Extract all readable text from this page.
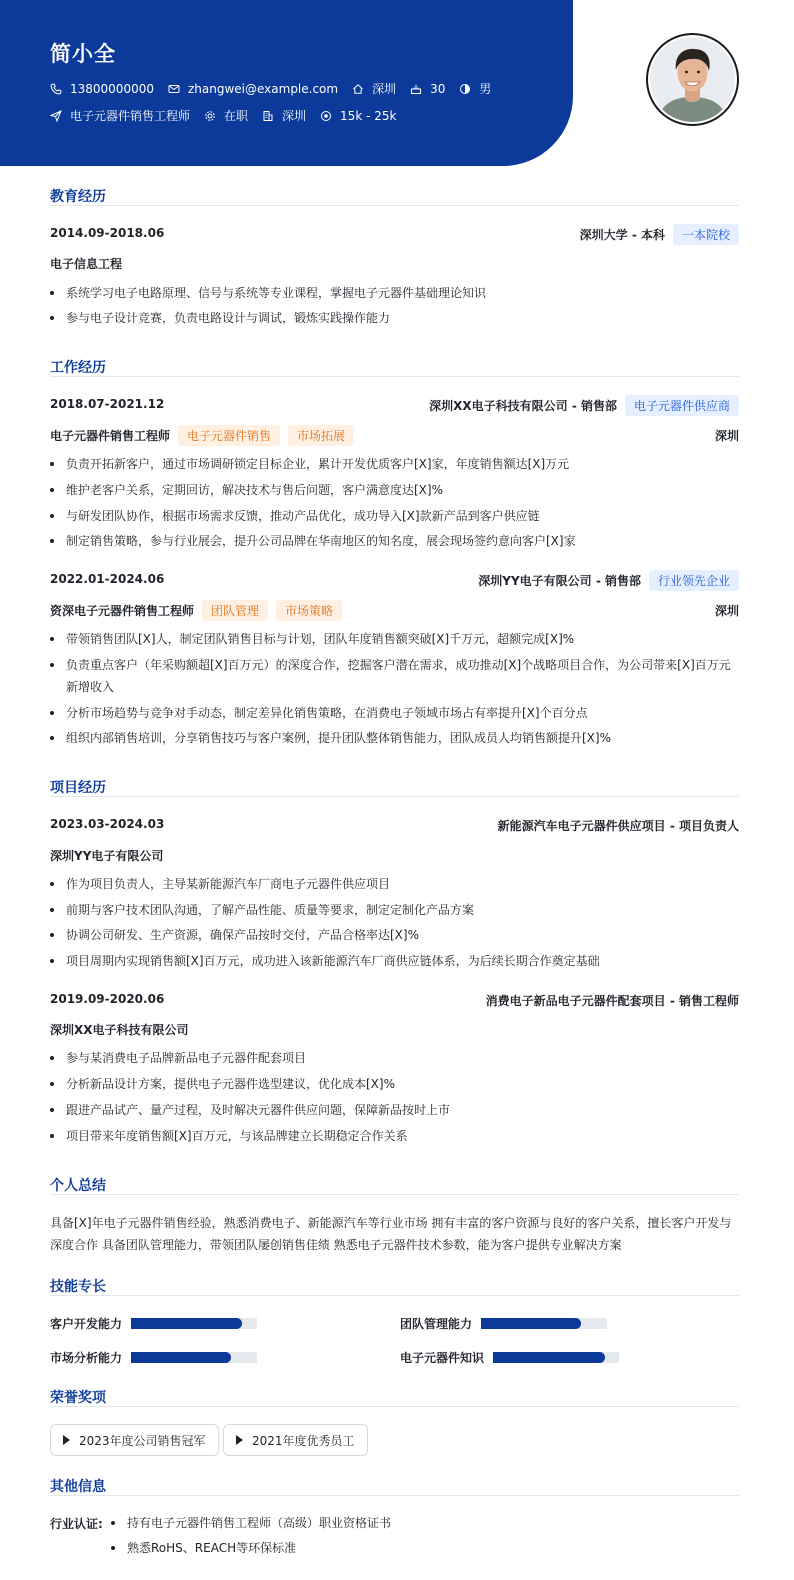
简小全
13800000000	zhangwei@example.com	深圳	30	男
电子元器件销售工程师	在职	深圳	15k - 25k
教育经历
2014.09-2018.06	深圳大学 - 本科	一本院校
电子信息工程
系统学习电子电路原理、信号与系统等专业课程，掌握电子元器件基础理论知识
参与电子设计竞赛，负责电路设计与调试，锻炼实践操作能力
工作经历
2018.07-2021.12	深圳XX电子科技有限公司 - 销售部	电子元器件供应商
电子元器件销售工程师	电子元器件销售	市场拓展	深圳
负责开拓新客户，通过市场调研锁定目标企业，累计开发优质客户[X]家，年度销售额达[X]万元
维护老客户关系，定期回访，解决技术与售后问题，客户满意度达[X]%
与研发团队协作，根据市场需求反馈，推动产品优化，成功导入[X]款新产品到客户供应链
制定销售策略，参与行业展会，提升公司品牌在华南地区的知名度，展会现场签约意向客户[X]家
2022.01-2024.06	深圳YY电子有限公司 - 销售部	行业领先企业
资深电子元器件销售工程师	团队管理	市场策略	深圳
带领销售团队[X]人，制定团队销售目标与计划，团队年度销售额突破[X]千万元，超额完成[X]%
负责重点客户（年采购额超[X]百万元）的深度合作，挖掘客户潜在需求，成功推动[X]个战略项目合作，为公司带来[X]百万元新增收入
分析市场趋势与竞争对手动态，制定差异化销售策略，在消费电子领域市场占有率提升[X]个百分点
组织内部销售培训，分享销售技巧与客户案例，提升团队整体销售能力，团队成员人均销售额提升[X]%
项目经历
2023.03-2024.03	新能源汽车电子元器件供应项目 - 项目负责人
深圳YY电子有限公司
作为项目负责人，主导某新能源汽车厂商电子元器件供应项目
前期与客户技术团队沟通，了解产品性能、质量等要求，制定定制化产品方案
协调公司研发、生产资源，确保产品按时交付，产品合格率达[X]%
项目周期内实现销售额[X]百万元，成功进入该新能源汽车厂商供应链体系，为后续长期合作奠定基础
2019.09-2020.06	消费电子新品电子元器件配套项目 - 销售工程师
深圳XX电子科技有限公司
参与某消费电子品牌新品电子元器件配套项目
分析新品设计方案，提供电子元器件选型建议，优化成本[X]%
跟进产品试产、量产过程，及时解决元器件供应问题，保障新品按时上市
项目带来年度销售额[X]百万元，与该品牌建立长期稳定合作关系
个人总结
具备[X]年电子元器件销售经验，熟悉消费电子、新能源汽车等行业市场 拥有丰富的客户资源与良好的客户关系，擅长客户开发与深度合作 具备团队管理能力，带领团队屡创销售佳绩 熟悉电子元器件技术参数，能为客户提供专业解决方案
技能专长
客户开发能力	团队管理能力
市场分析能力	电子元器件知识
荣誉奖项
2023年度公司销售冠军	2021年度优秀员工
其他信息
行业认证:	持有电子元器件销售工程师（高级）职业资格证书
熟悉RoHS、REACH等环保标准
